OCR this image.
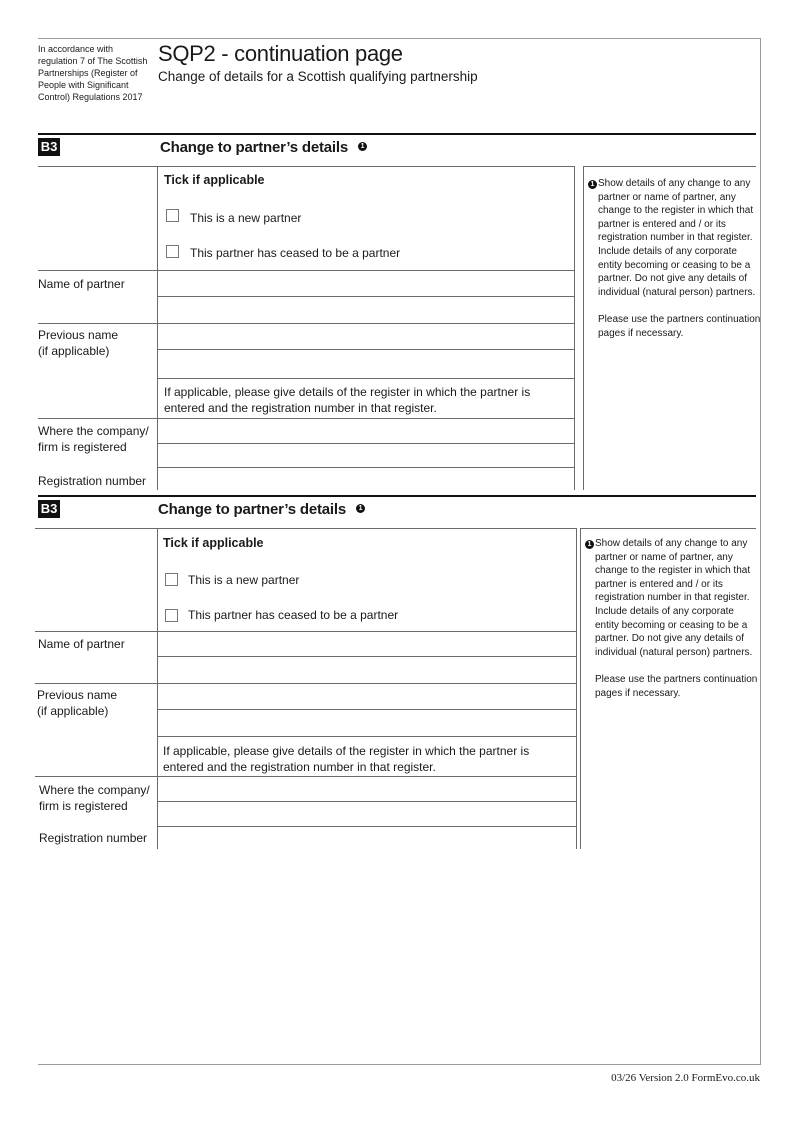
In accordance with regulation 7 of The Scottish Partnerships (Register of People with Significant Control) Regulations 2017
SQP2 - continuation page
Change of details for a Scottish qualifying partnership
B3	Change to partner’s details 1
Tick if applicable
This is a new partner
This partner has ceased to be a partner
Name of partner
Previous name
(if applicable)
If applicable, please give details of the register in which the partner is entered and the registration number in that register.
Where the company/
firm is registered
Registration number
1 Show details of any change to any partner or name of partner, any change to the register in which that partner is entered and / or its registration number in that register. Include details of any corporate entity becoming or ceasing to be a partner. Do not give any details of individual (natural person) partners.
Please use the partners continuation pages if necessary.
B3	Change to partner’s details 1
Tick if applicable
This is a new partner
This partner has ceased to be a partner
Name of partner
Previous name
(if applicable)
If applicable, please give details of the register in which the partner is entered and the registration number in that register.
Where the company/
firm is registered
Registration number
1 Show details of any change to any partner or name of partner, any change to the register in which that partner is entered and / or its registration number in that register. Include details of any corporate entity becoming or ceasing to be a partner. Do not give any details of individual (natural person) partners.
Please use the partners continuation pages if necessary.
03/26 Version 2.0 FormEvo.co.uk
